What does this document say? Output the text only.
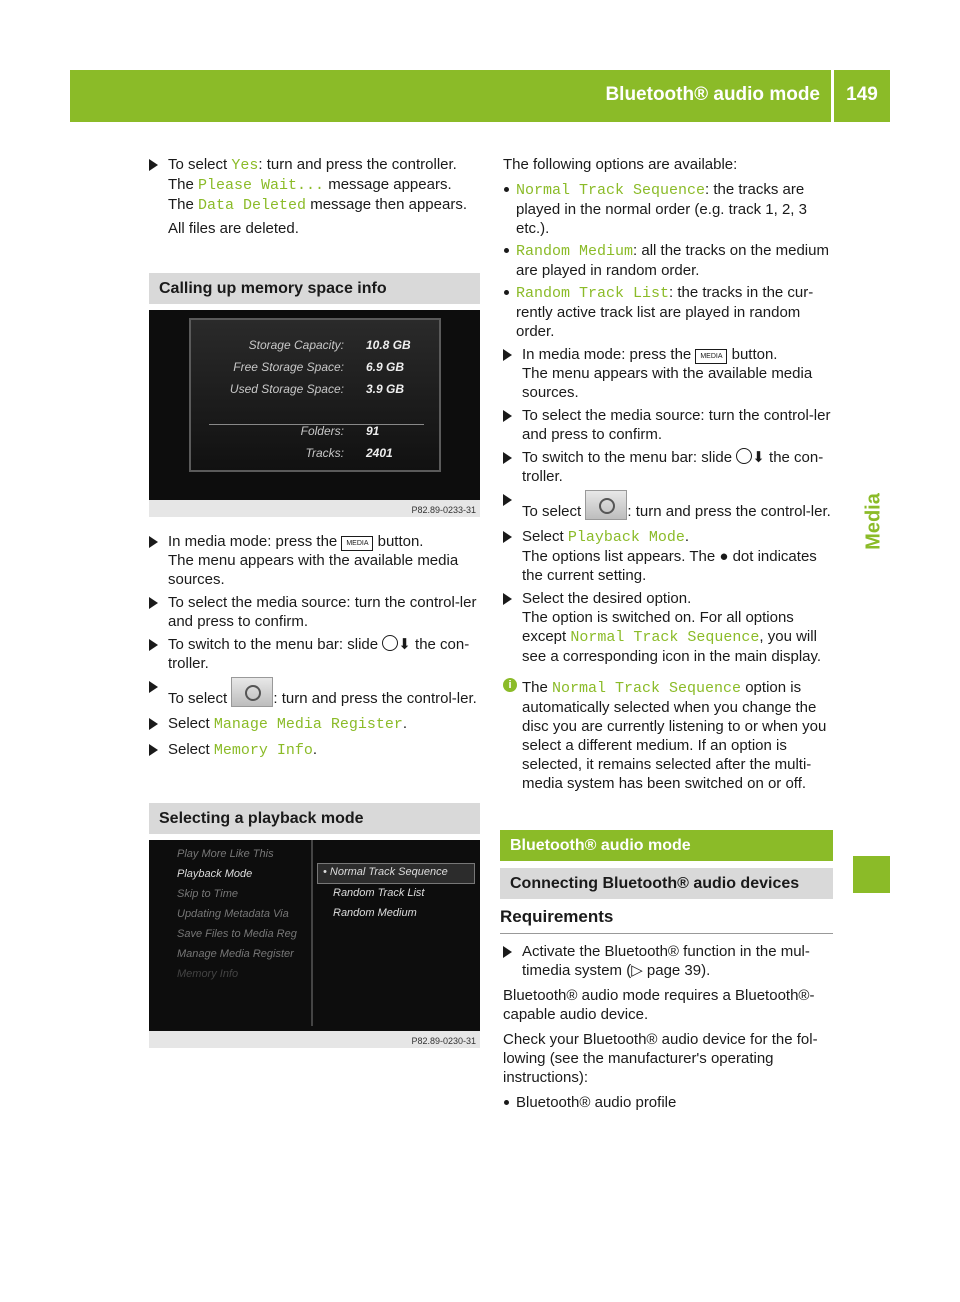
Bluetooth® audio mode	149
Media

To select Yes: turn and press the controller.

The Please Wait... message appears. The Data Deleted message then appears.

All files are deleted.

Calling up memory space info
Storage Capacity: 10.8 GB
Free Storage Space: 6.9 GB
Used Storage Space: 3.9 GB
Folders: 91
Tracks: 2401
P82.89-0233-31

In media mode: press the MEDIA button.

The menu appears with the available media sources.

To select the media source: turn the control-ler and press to confirm.

To switch to the menu bar: slide ⬇ the con-troller.

To select	: turn and press the control-ler.

Select Manage Media Register.

Select Memory Info.

Selecting a playback mode
Play More Like This
Playback Mode
Skip to Time
Updating Metadata Via
Save Files to Media Reg
Manage Media Register
Memory Info
• Normal Track Sequence
Random Track List
Random Medium
P82.89-0230-31

The following options are available:

Normal Track Sequence: the tracks are played in the normal order (e.g. track 1, 2, 3 etc.).

Random Medium: all the tracks on the medium are played in random order.

Random Track List: the tracks in the cur-rently active track list are played in random order.

In media mode: press the MEDIA button.

The menu appears with the available media sources.

To select the media source: turn the control-ler and press to confirm.

To switch to the menu bar: slide ⬇ the con-troller.

To select	: turn and press the control-ler.

Select Playback Mode.

The options list appears. The ● dot indicates the current setting.

Select the desired option.

The option is switched on. For all options except Normal Track Sequence, you will see a corresponding icon in the main display.

i The Normal Track Sequence option is automatically selected when you change the disc you are currently listening to or when you select a different medium. If an option is selected, it remains selected after the multi-media system has been switched on or off.

Bluetooth® audio mode
Connecting Bluetooth® audio devices
Requirements

Activate the Bluetooth® function in the mul-timedia system (▷ page 39).

Bluetooth® audio mode requires a Bluetooth®-capable audio device.

Check your Bluetooth® audio device for the fol-lowing (see the manufacturer's operating instructions):

Bluetooth® audio profile
